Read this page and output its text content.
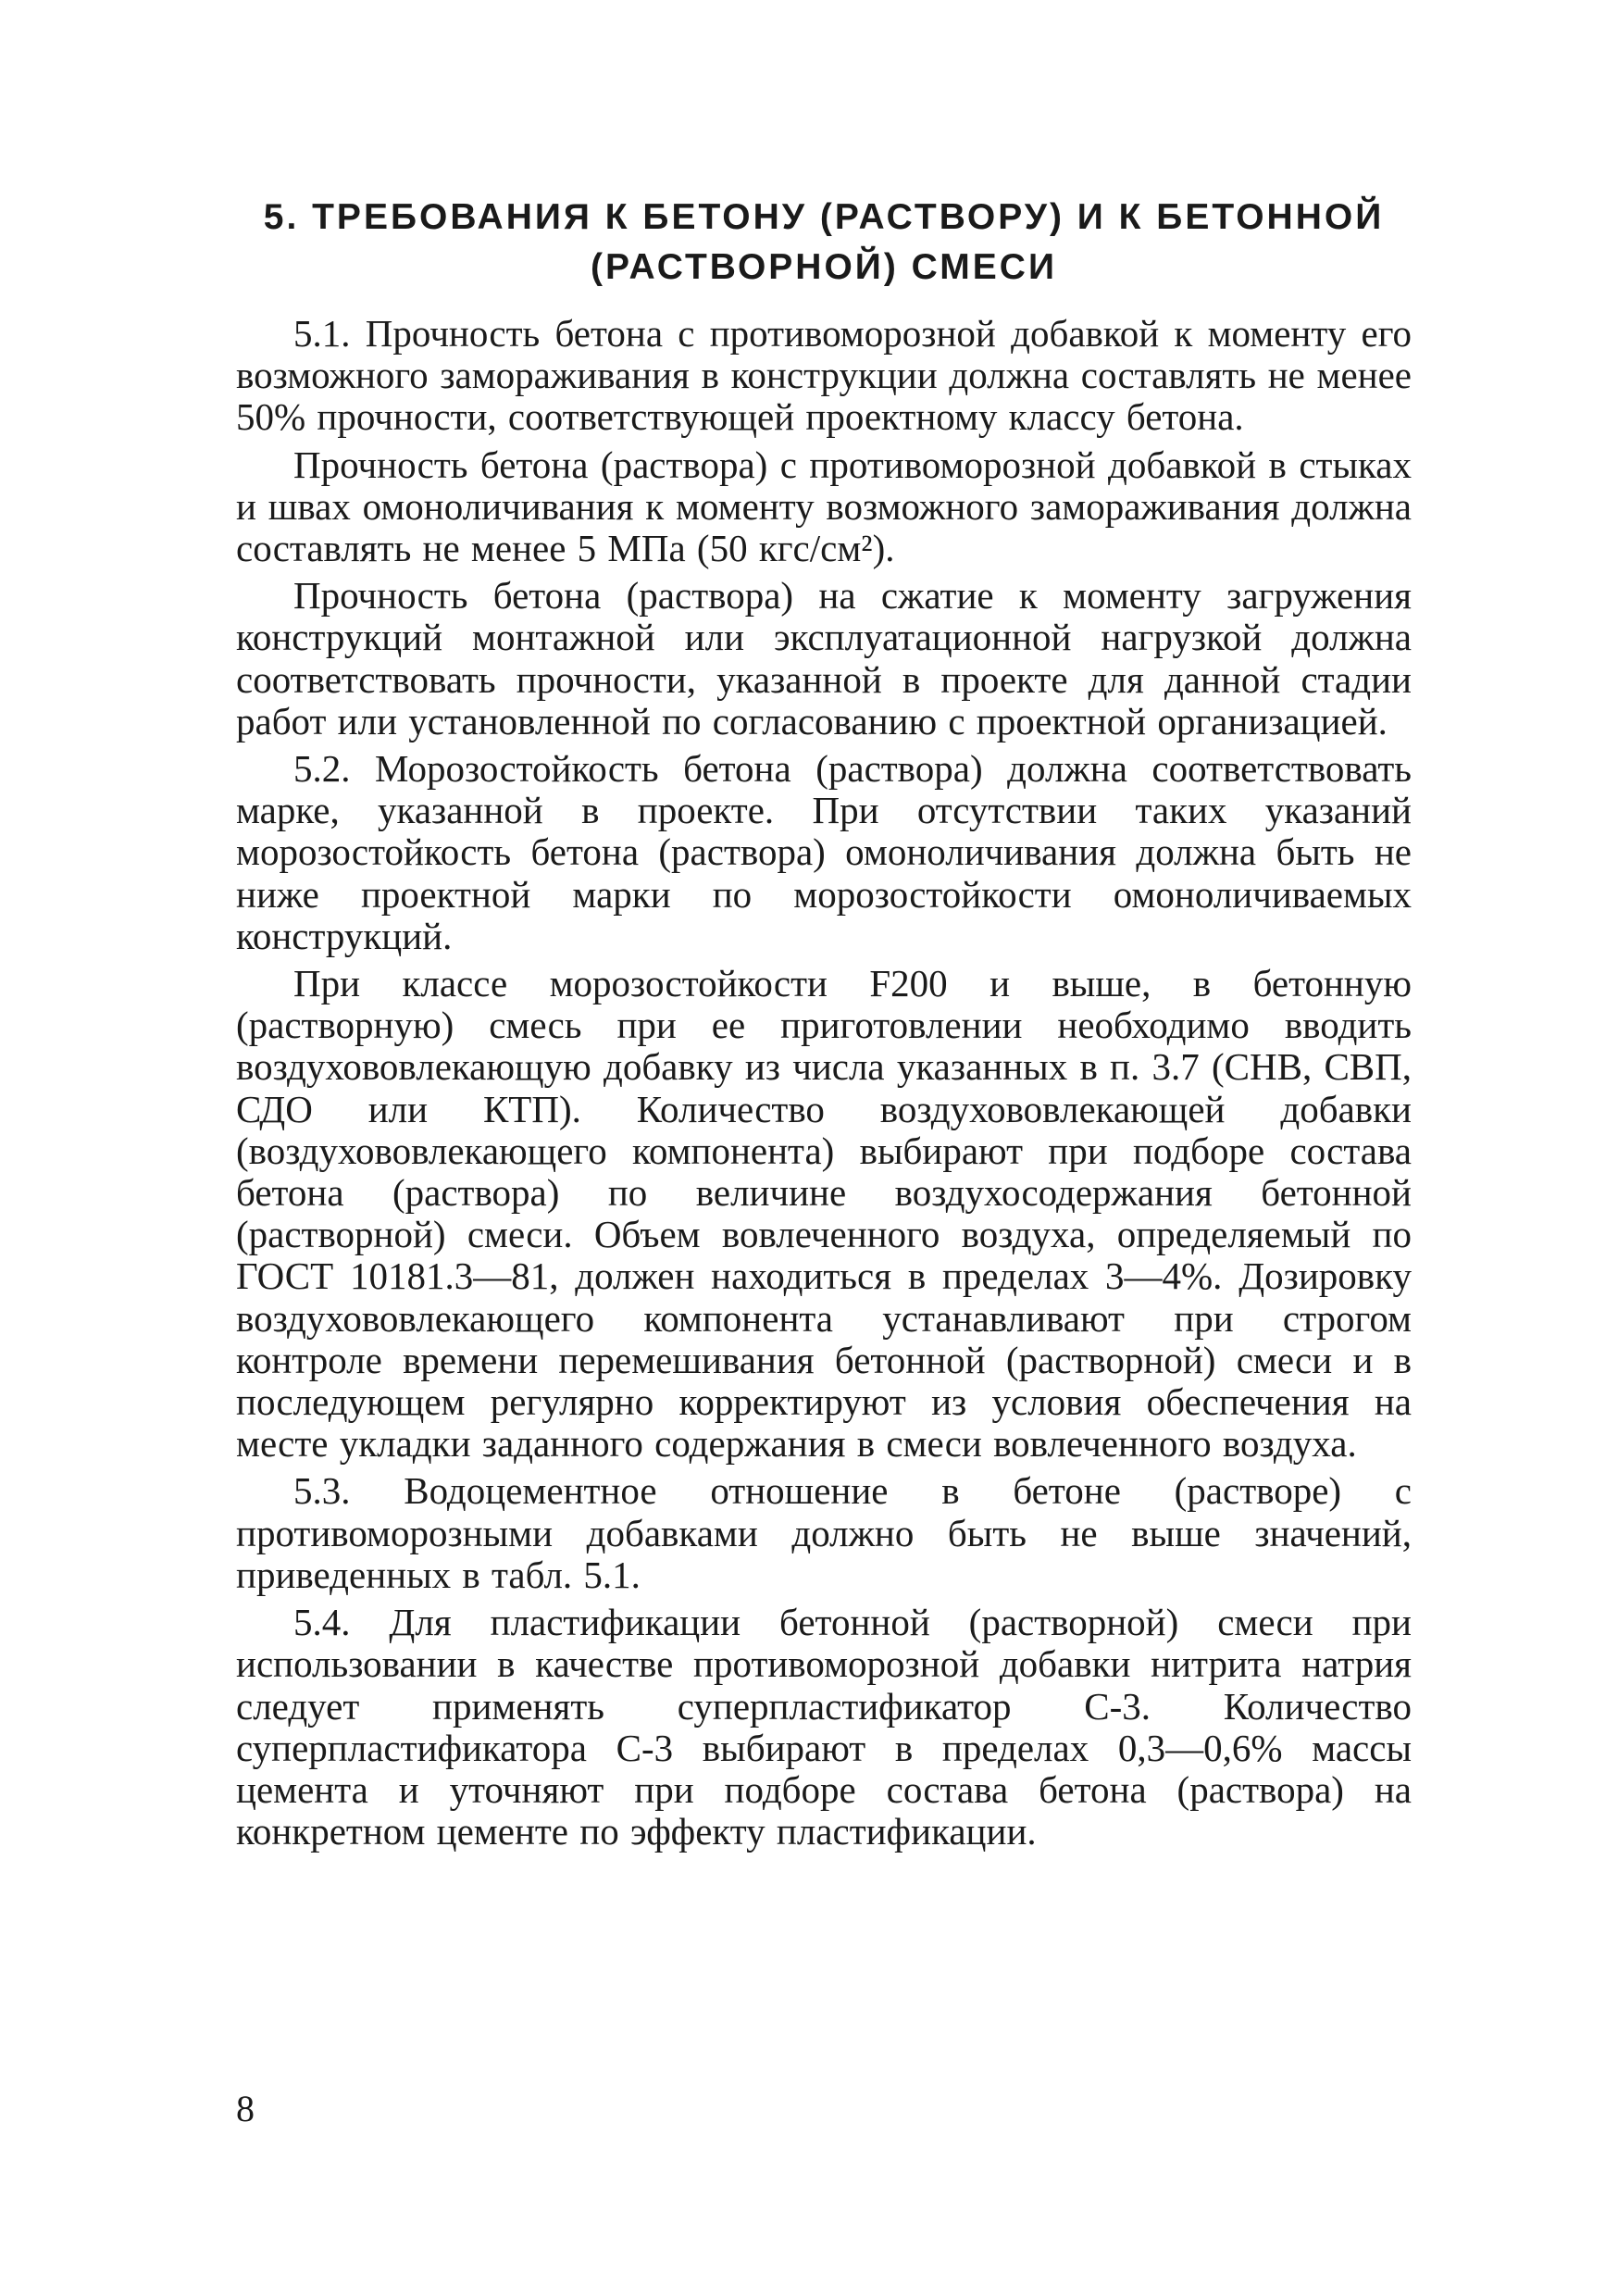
5. ТРЕБОВАНИЯ К БЕТОНУ (РАСТВОРУ) И К БЕТОННОЙ
(РАСТВОРНОЙ) СМЕСИ

5.1. Прочность бетона с противоморозной добавкой к моменту его возможного замораживания в конструкции должна составлять не менее 50% прочности, соответствующей проектному классу бетона.

Прочность бетона (раствора) с противоморозной добавкой в стыках и швах омоноличивания к моменту возможного замораживания должна составлять не менее 5 МПа (50 кгс/см²).

Прочность бетона (раствора) на сжатие к моменту загружения конструкций монтажной или эксплуатационной нагрузкой должна соответствовать прочности, указанной в проекте для данной стадии работ или установленной по согласованию с проектной организацией.

5.2. Морозостойкость бетона (раствора) должна соответствовать марке, указанной в проекте. При отсутствии таких указаний морозостойкость бетона (раствора) омоноличивания должна быть не ниже проектной марки по морозостойкости омоноличиваемых конструкций.

При классе морозостойкости F200 и выше, в бетонную (растворную) смесь при ее приготовлении необходимо вводить воздухововлекающую добавку из числа указанных в п. 3.7 (СНВ, СВП, СДО или КТП). Количество воздухововлекающей добавки (воздухововлекающего компонента) выбирают при подборе состава бетона (раствора) по величине воздухосодержания бетонной (растворной) смеси. Объем вовлеченного воздуха, определяемый по ГОСТ 10181.3—81, должен находиться в пределах 3—4%. Дозировку воздухововлекающего компонента устанавливают при строгом контроле времени перемешивания бетонной (растворной) смеси и в последующем регулярно корректируют из условия обеспечения на месте укладки заданного содержания в смеси вовлеченного воздуха.

5.3. Водоцементное отношение в бетоне (растворе) с противоморозными добавками должно быть не выше значений, приведенных в табл. 5.1.

5.4. Для пластификации бетонной (растворной) смеси при использовании в качестве противоморозной добавки нитрита натрия следует применять суперпластификатор С-3. Количество суперпластификатора С-3 выбирают в пределах 0,3—0,6% массы цемента и уточняют при подборе состава бетона (раствора) на конкретном цементе по эффекту пластификации.

8
